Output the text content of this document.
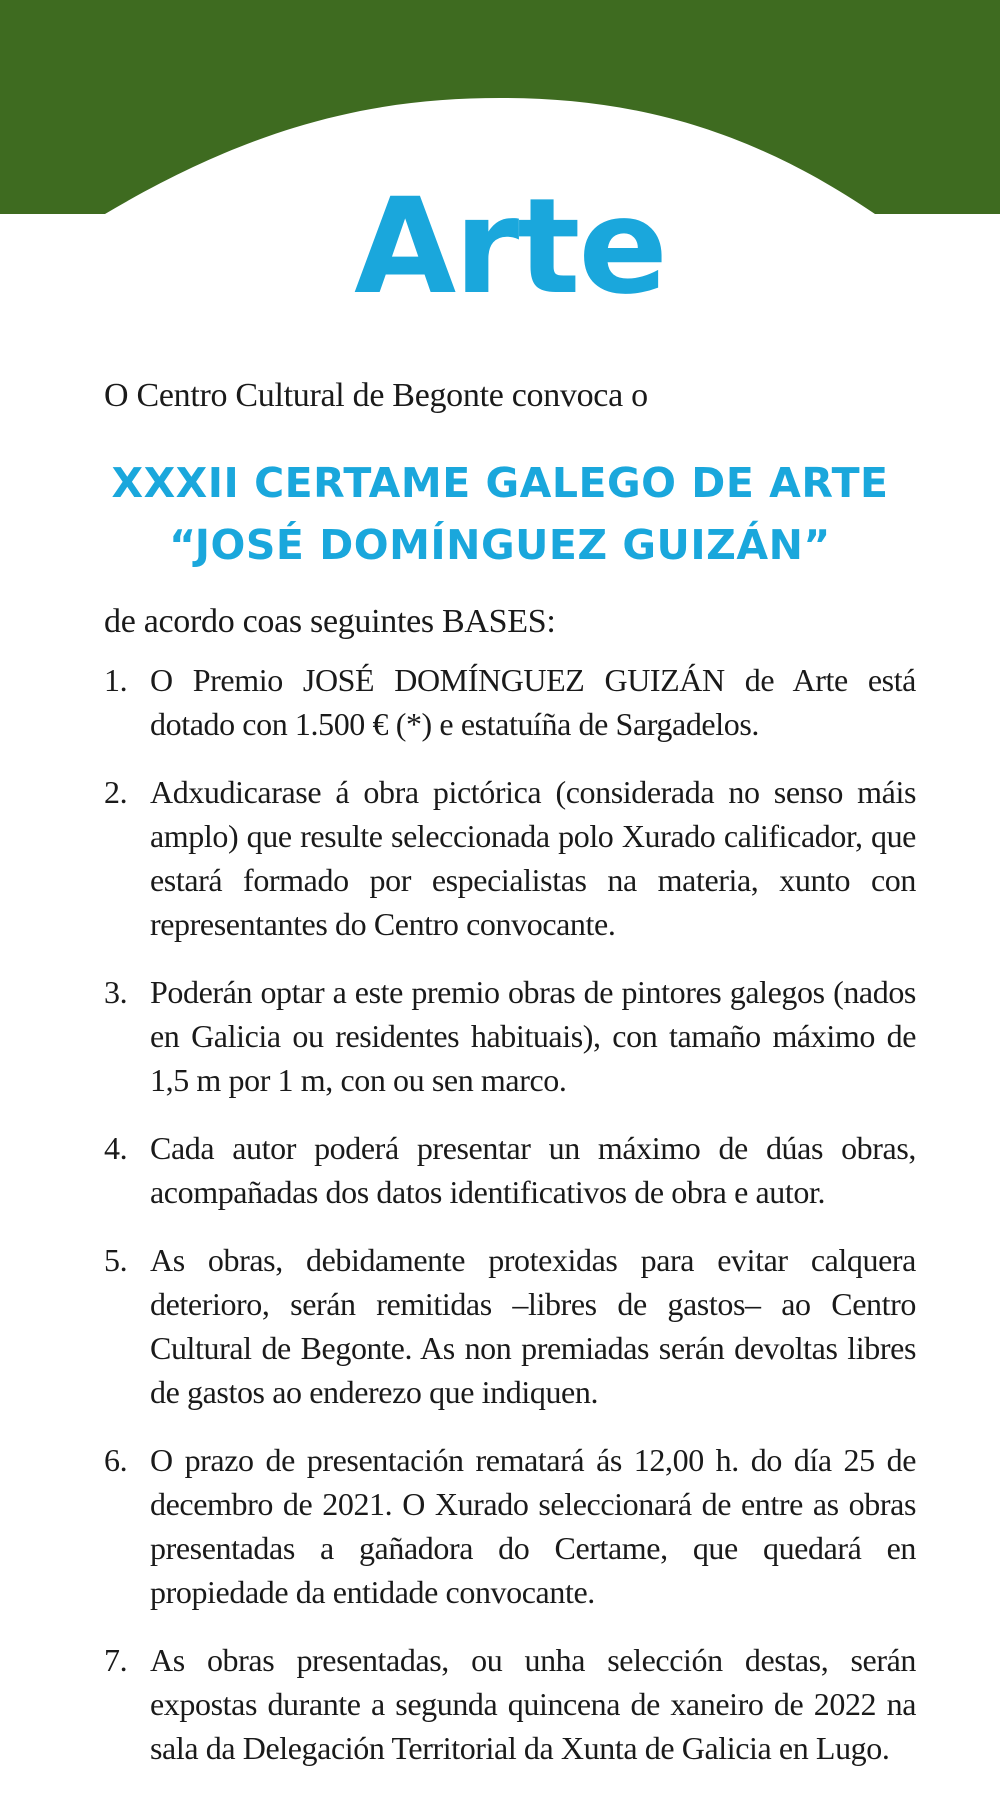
Arte
O Centro Cultural de Begonte convoca o
XXXII CERTAME GALEGO DE ARTE
“JOSÉ DOMÍNGUEZ GUIZÁN”
de acordo coas seguintes BASES:
1. O Premio JOSÉ DOMÍNGUEZ GUIZÁN de Arte está dotado con 1.500 € (*) e estatuíña de Sargadelos.
2. Adxudicarase á obra pictórica (considerada no senso máis amplo) que resulte seleccionada polo Xurado calificador, que estará formado por especialistas na materia, xunto con representantes do Centro convocante.
3. Poderán optar a este premio obras de pintores galegos (nados en Galicia ou residentes habituais), con tamaño máximo de 1,5 m por 1 m, con ou sen marco.
4. Cada autor poderá presentar un máximo de dúas obras, acompañadas dos datos identificativos de obra e autor.
5. As obras, debidamente protexidas para evitar calquera deterioro, serán remitidas –libres de gastos– ao Centro Cultural de Begonte. As non premiadas serán devoltas libres de gastos ao enderezo que indiquen.
6. O prazo de presentación rematará ás 12,00 h. do día 25 de decembro de 2021. O Xurado seleccionará de entre as obras presentadas a gañadora do Certame, que quedará en propiedade da entidade convocante.
7. As obras presentadas, ou unha selección destas, serán expostas durante a segunda quincena de xaneiro de 2022 na sala da Delegación Territorial da Xunta de Galicia en Lugo.
